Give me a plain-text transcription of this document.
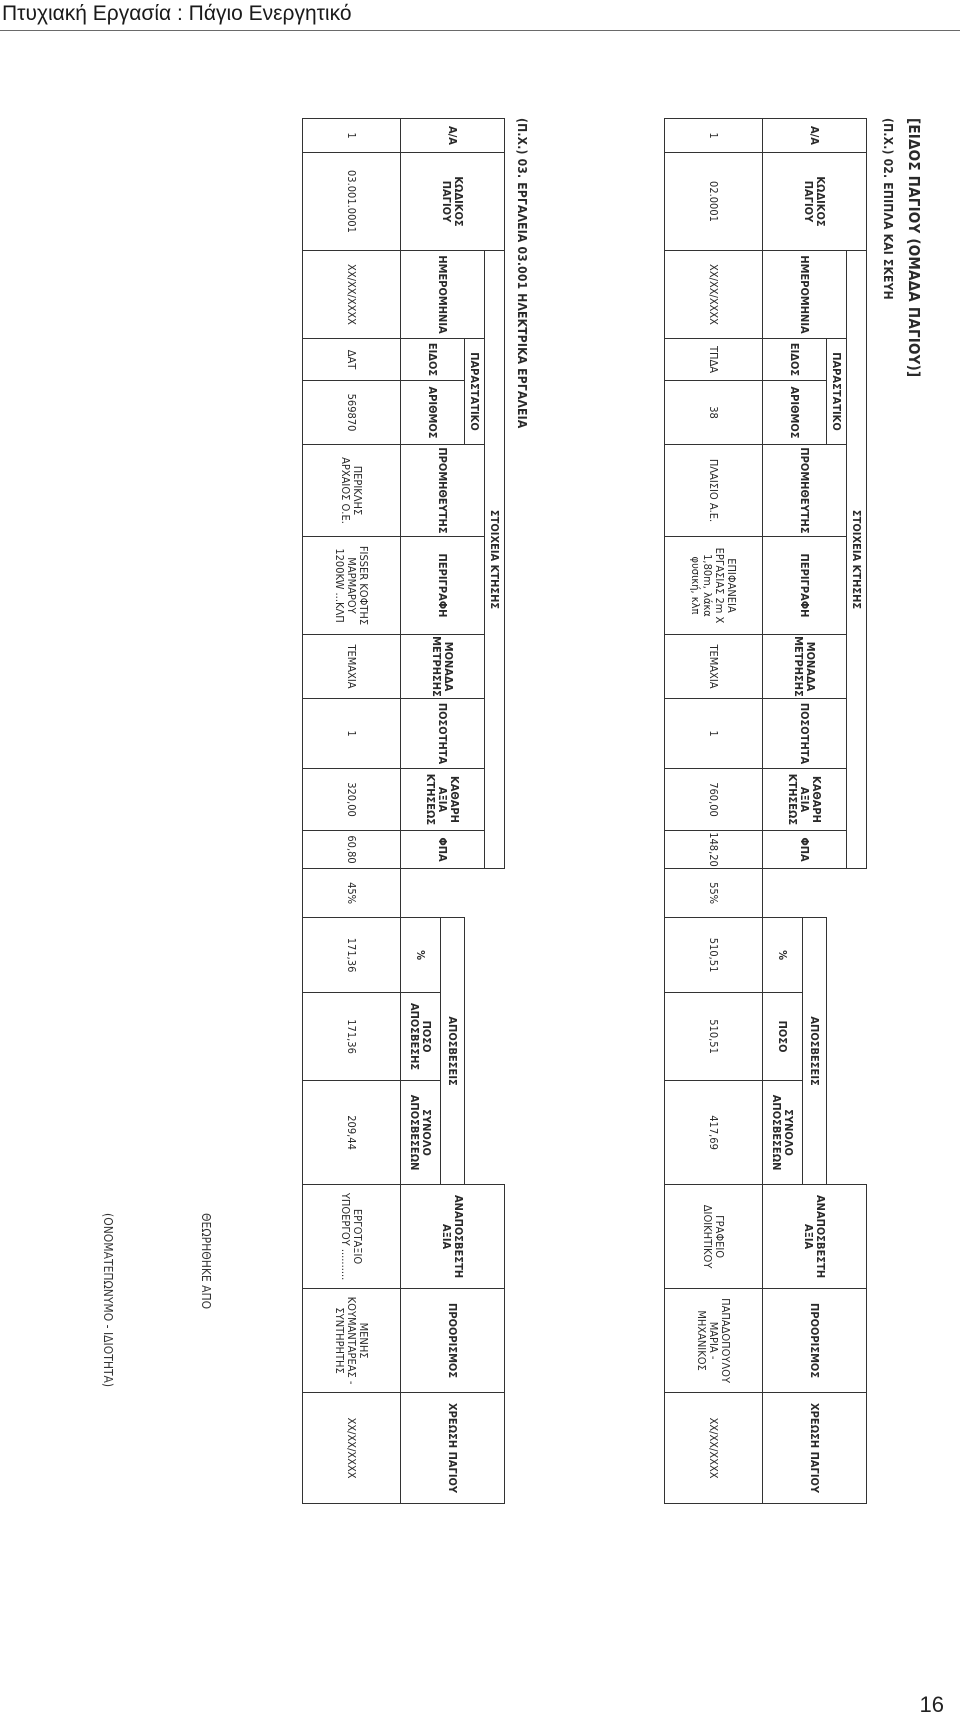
Πτυχιακή Εργασία : Πάγιο Ενεργητικό
[ΕΙΔΟΣ ΠΑΓΙΟΥ (ΟΜΑΔΑ ΠΑΓΙΟΥ)]
(Π.Χ.) 02. ΕΠΙΠΛΑ ΚΑΙ ΣΚΕΥΗ
Α/Α	ΚΩΔΙΚΟΣ ΠΑΓΙΟΥ	ΣΤΟΙΧΕΙΑ ΚΤΗΣΗΣ													ΑΝΑΠΟΣΒΕΣΤΗ ΑΞΙΑ	ΠΡΟΟΡΙΣΜΟΣ	ΧΡΕΩΣΗ ΠΑΓΙΟΥ	
		ΗΜΕΡΟΜΗΝΙΑ	ΠΑΡΑΣΤΑΤΙΚΟ		ΠΡΟΜΗΘΕΥΤΗΣ	ΠΕΡΙΓΡΑΦΗ	ΜΟΝΑΔΑ ΜΕΤΡΗΣΗΣ	ΠΟΣΟΤΗΤΑ	ΚΑΘΑΡΗ ΑΞΙΑ ΚΤΗΣΕΩΣ	ΦΠΑ								
			ΕΙΔΟΣ	ΑΡΙΘΜΟΣ								ΑΠΟΣΒΕΣΕΙΣ						
												%	ΠΟΣΟ	ΣΥΝΟΛΟ ΑΠΟΣΒΕΣΕΩΝ				
1	02.0001	XX/XX/XXXX	ΤΠΔΑ	38	ΠΛΑΙΣΙΟ Α.Ε.	ΕΠΙΦΑΝΕΙΑ ΕΡΓΑΣΙΑΣ 2m Χ 1,80m, λάκα φυσική, κλπ	ΤΕΜΑΧΙΑ	1	760,00	148,20	55%	510,51	510,51	417,69	ΓΡΑΦΕΙΟ ΔΙΟΙΚΗΤΙΚΟΥ	ΠΑΠΑΔΟΠΟΥΛΟΥ ΜΑΡΙΑ - ΜΗΧΑΝΙΚΟΣ	XX/XX/XXXX	
(Π.Χ.) 03. ΕΡΓΑΛΕΙΑ 03.001 ΗΛΕΚΤΡΙΚΑ ΕΡΓΑΛΕΙΑ
Α/Α	ΚΩΔΙΚΟΣ ΠΑΓΙΟΥ	ΣΤΟΙΧΕΙΑ ΚΤΗΣΗΣ													ΑΝΑΠΟΣΒΕΣΤΗ ΑΞΙΑ	ΠΡΟΟΡΙΣΜΟΣ	ΧΡΕΩΣΗ ΠΑΓΙΟΥ	
		ΗΜΕΡΟΜΗΝΙΑ	ΠΑΡΑΣΤΑΤΙΚΟ		ΠΡΟΜΗΘΕΥΤΗΣ	ΠΕΡΙΓΡΑΦΗ	ΜΟΝΑΔΑ ΜΕΤΡΗΣΗΣ	ΠΟΣΟΤΗΤΑ	ΚΑΘΑΡΗ ΑΞΙΑ ΚΤΗΣΕΩΣ	ΦΠΑ								
			ΕΙΔΟΣ	ΑΡΙΘΜΟΣ								ΑΠΟΣΒΕΣΕΙΣ						
												%	ΠΟΣΟ ΑΠΟΣΒΕΣΗΣ	ΣΥΝΟΛΟ ΑΠΟΣΒΕΣΕΩΝ				
1	03.001.0001	XX/XX/XXXX	ΔΑΤ	569870	ΠΕΡΙΚΛΗΣ ΑΡΧΑΙΟΣ Ο.Ε.	FISSER ΚΟΦΤΗΣ ΜΑΡΜΑΡΟΥ 1200KW ...ΚΛΠ	ΤΕΜΑΧΙΑ	1	320,00	60,80	45%	171,36	171,36	209,44	ΕΡΓΟΤΑΞΙΟ ΥΠΟΕΡΓΟΥ ..........	ΜΕΝΗΣ ΚΟΥΜΑΝΤΑΡΕΑΣ - ΣΥΝΤΗΡΗΤΗΣ	XX/XX/XXXX	
ΘΕΩΡΗΘΗΚΕ ΑΠΟ
(ΟΝΟΜΑΤΕΠΩΝΥΜΟ - ΙΔΙΟΤΗΤΑ)
16
